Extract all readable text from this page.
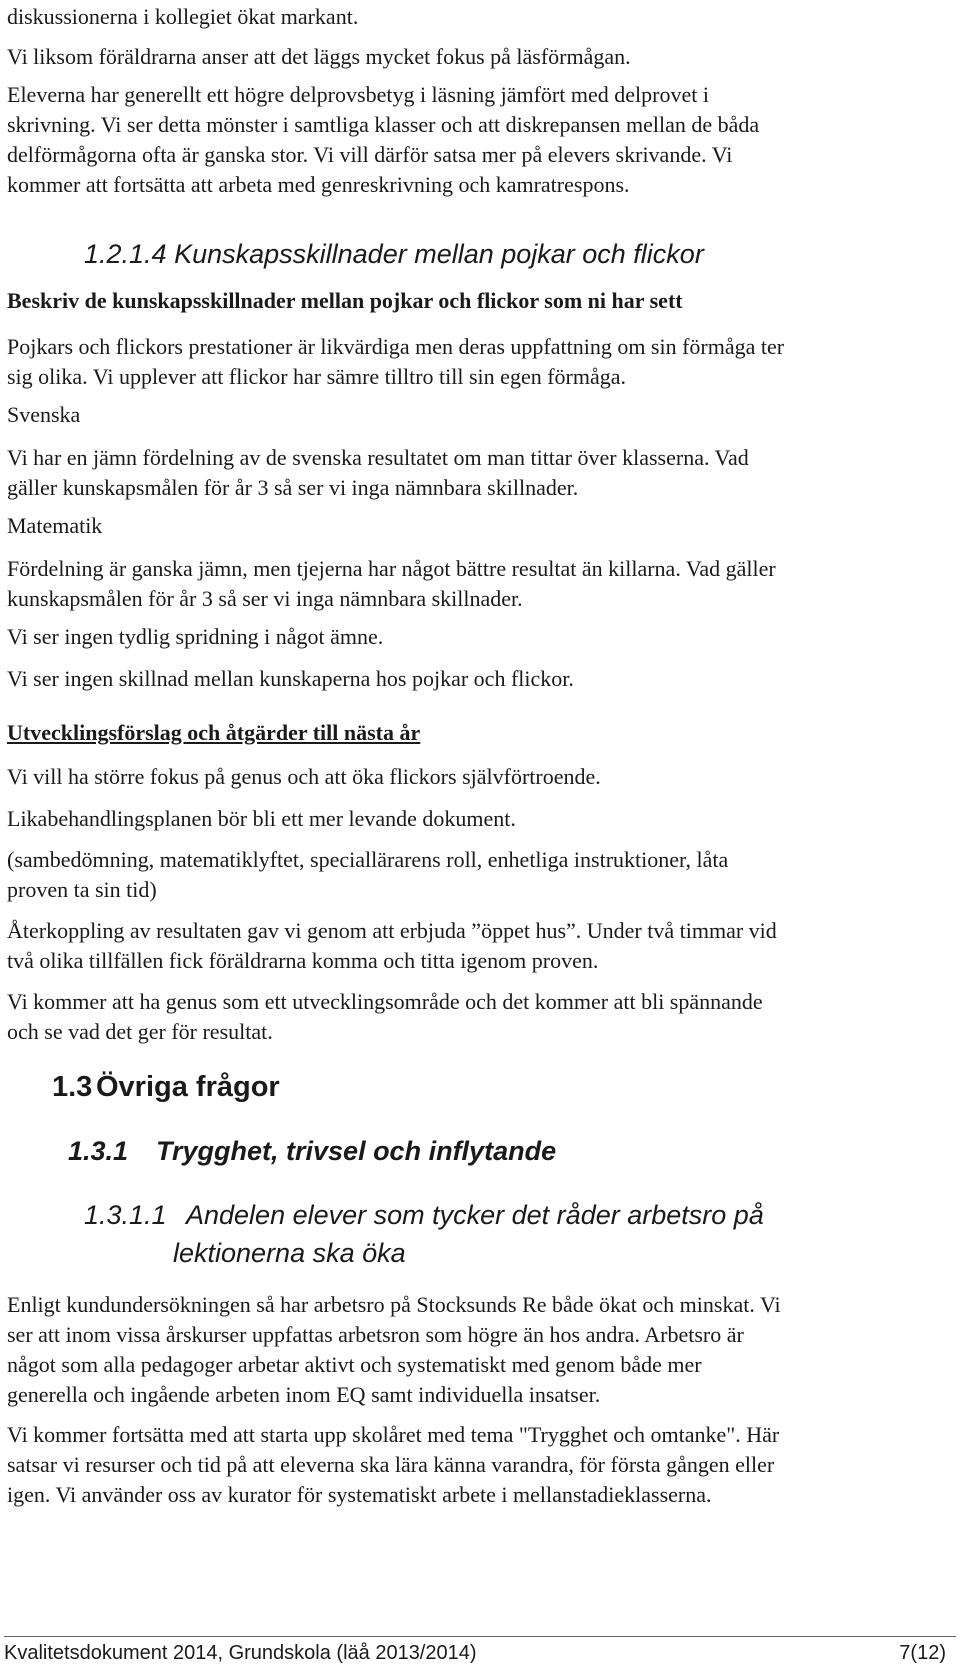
diskussionerna i kollegiet ökat markant.

Vi liksom föräldrarna anser att det läggs mycket fokus på läsförmågan.

Eleverna har generellt ett högre delprovsbetyg i läsning jämfört med delprovet i

skrivning. Vi ser detta mönster i samtliga klasser och att diskrepansen mellan de båda

delförmågorna ofta är ganska stor. Vi vill därför satsa mer på elevers skrivande. Vi

kommer att fortsätta att arbeta med genreskrivning och kamratrespons.

1.2.1.4 Kunskapsskillnader mellan pojkar och flickor

Beskriv de kunskapsskillnader mellan pojkar och flickor som ni har sett

Pojkars och flickors prestationer är likvärdiga men deras uppfattning om sin förmåga ter

sig olika. Vi upplever att flickor har sämre tilltro till sin egen förmåga.

Svenska

Vi har en jämn fördelning av de svenska resultatet om man tittar över klasserna. Vad

gäller kunskapsmålen för år 3 så ser vi inga nämnbara skillnader.

Matematik

Fördelning är ganska jämn, men tjejerna har något bättre resultat än killarna. Vad gäller

kunskapsmålen för år 3 så ser vi inga nämnbara skillnader.

Vi ser ingen tydlig spridning i något ämne.

Vi ser ingen skillnad mellan kunskaperna hos pojkar och flickor.

Utvecklingsförslag och åtgärder till nästa år

Vi vill ha större fokus på genus och att öka flickors självförtroende.

Likabehandlingsplanen bör bli ett mer levande dokument.

(sambedömning, matematiklyftet, speciallärarens roll, enhetliga instruktioner, låta

proven ta sin tid)

Återkoppling av resultaten gav vi genom att erbjuda ”öppet hus”. Under två timmar vid

två olika tillfällen fick föräldrarna komma och titta igenom proven.

Vi kommer att ha genus som ett utvecklingsområde och det kommer att bli spännande

och se vad det ger för resultat.

1.3 Övriga frågor
1.3.1 Trygghet, trivsel och inflytande
1.3.1.1 Andelen elever som tycker det råder arbetsro på
lektionerna ska öka

Enligt kundundersökningen så har arbetsro på Stocksunds Re både ökat och minskat. Vi

ser att inom vissa årskurser uppfattas arbetsron som högre än hos andra. Arbetsro är

något som alla pedagoger arbetar aktivt och systematiskt med genom både mer

generella och ingående arbeten inom EQ samt individuella insatser.

Vi kommer fortsätta med att starta upp skolåret med tema "Trygghet och omtanke". Här

satsar vi resurser och tid på att eleverna ska lära känna varandra, för första gången eller

igen. Vi använder oss av kurator för systematiskt arbete i mellanstadieklasserna.

Kvalitetsdokument 2014, Grundskola (läå 2013/2014)	7(12)
